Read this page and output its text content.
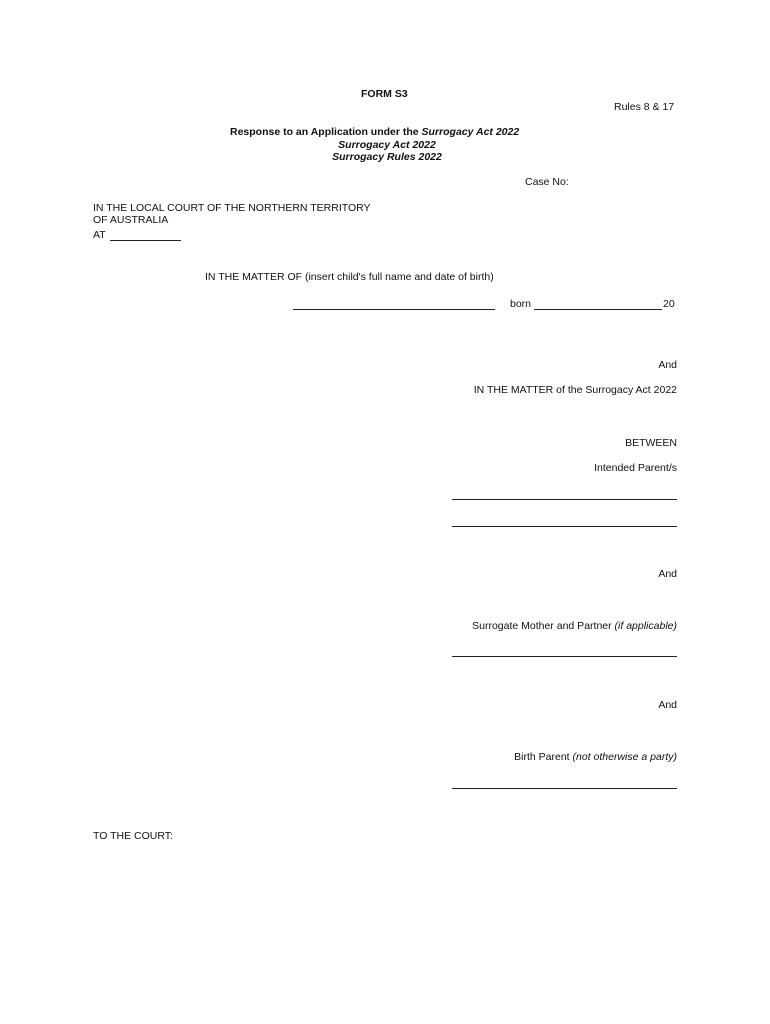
FORM S3
Rules 8 & 17
Response to an Application under the Surrogacy Act 2022
Surrogacy Act 2022
Surrogacy Rules 2022
Case No:
IN THE LOCAL COURT OF THE NORTHERN TERRITORY
OF AUSTRALIA
AT
IN THE MATTER OF (insert child's full name and date of birth)
born	20
And
IN THE MATTER of the Surrogacy Act 2022
BETWEEN
Intended Parent/s
And
Surrogate Mother and Partner (if applicable)
And
Birth Parent (not otherwise a party)
TO THE COURT:
